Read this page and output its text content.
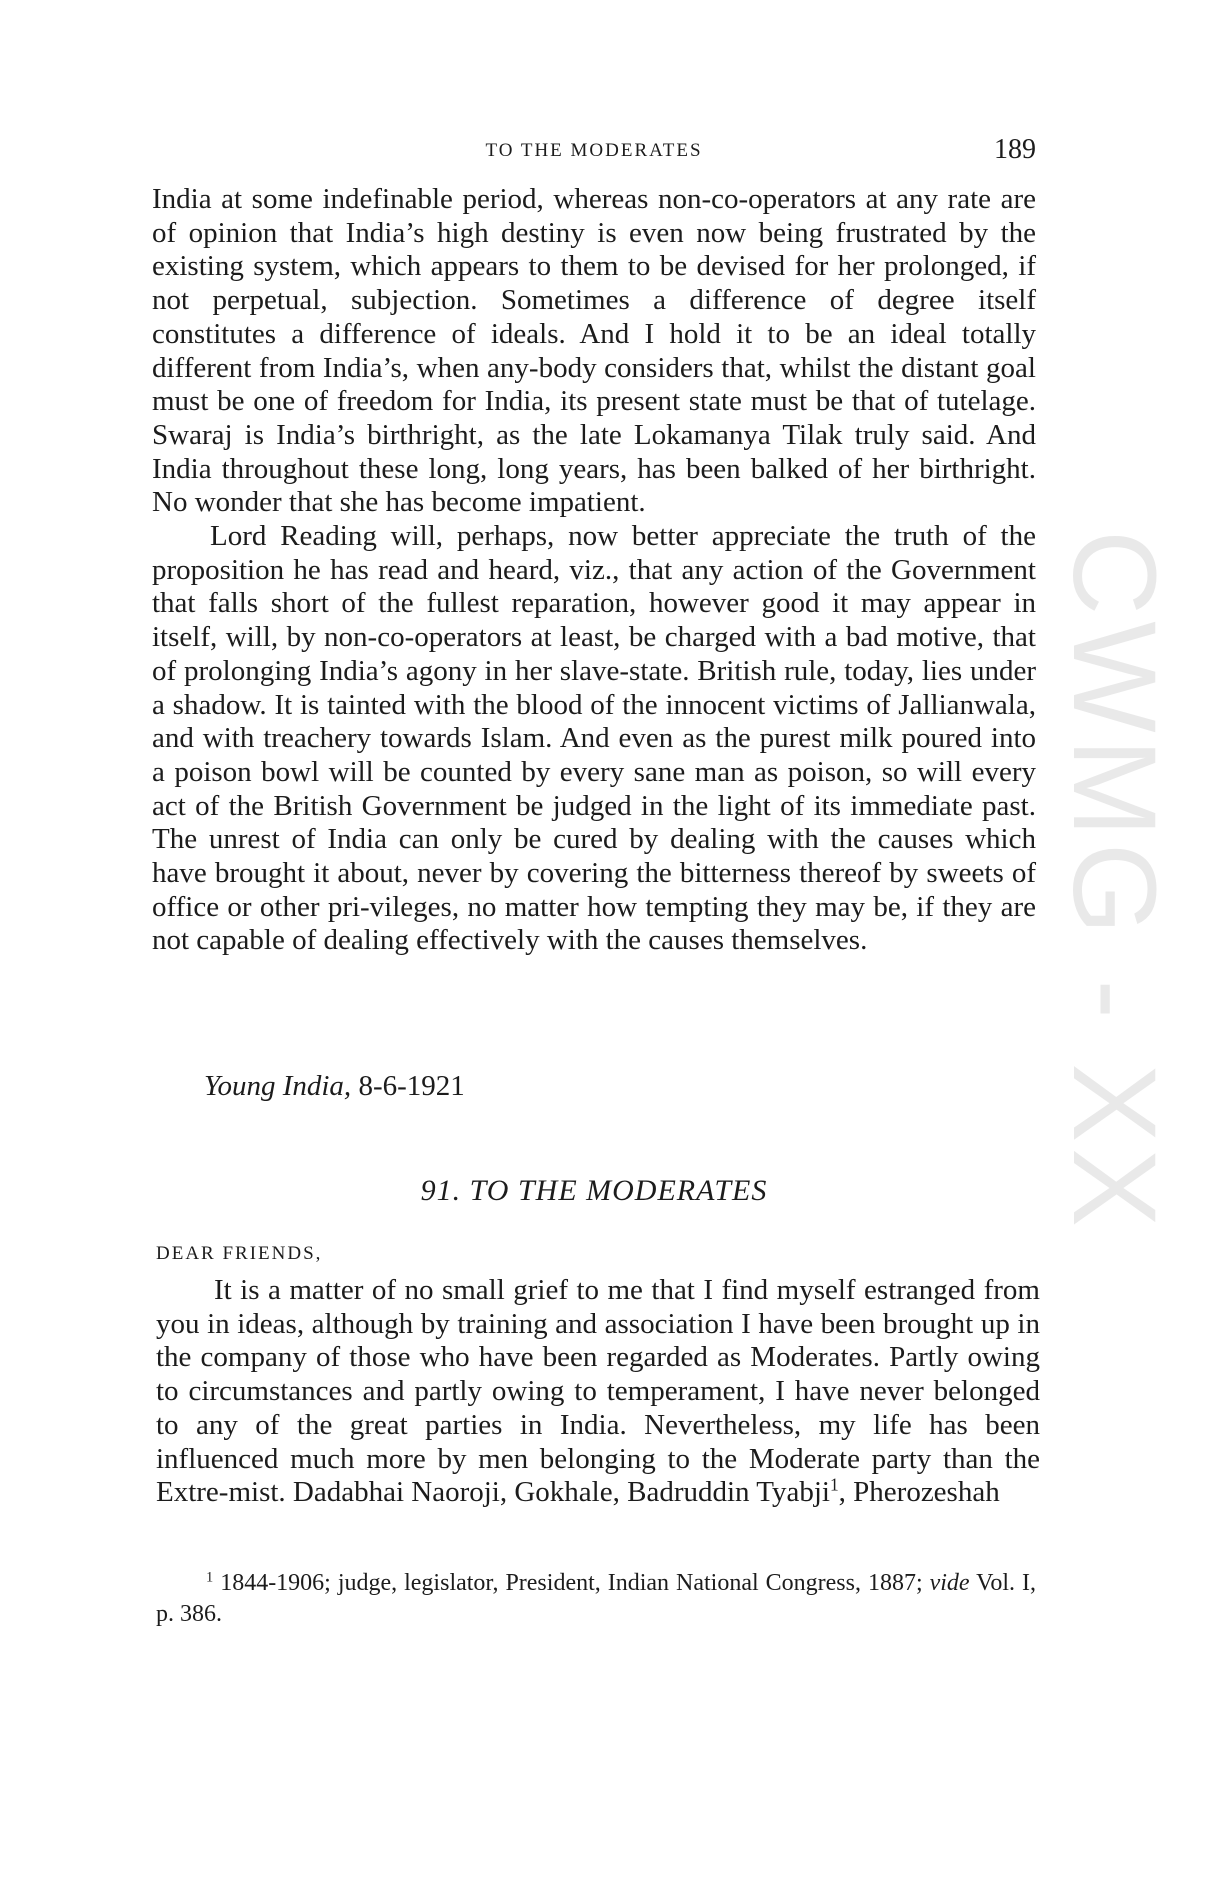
CWMG - XX
TO THE MODERATES	189

India at some indefinable period, whereas non-co-operators at any rate are of opinion that India’s high destiny is even now being frustrated by the existing system, which appears to them to be devised for her prolonged, if not perpetual, subjection. Sometimes a difference of degree itself constitutes a difference of ideals. And I hold it to be an ideal totally different from India’s, when any-body considers that, whilst the distant goal must be one of freedom for India, its present state must be that of tutelage. Swaraj is India’s birthright, as the late Lokamanya Tilak truly said. And India throughout these long, long years, has been balked of her birthright. No wonder that she has become impatient.

Lord Reading will, perhaps, now better appreciate the truth of the proposition he has read and heard, viz., that any action of the Government that falls short of the fullest reparation, however good it may appear in itself, will, by non-co-operators at least, be charged with a bad motive, that of prolonging India’s agony in her slave-state. British rule, today, lies under a shadow. It is tainted with the blood of the innocent victims of Jallianwala, and with treachery towards Islam. And even as the purest milk poured into a poison bowl will be counted by every sane man as poison, so will every act of the British Government be judged in the light of its immediate past. The unrest of India can only be cured by dealing with the causes which have brought it about, never by covering the bitterness thereof by sweets of office or other pri-vileges, no matter how tempting they may be, if they are not capable of dealing effectively with the causes themselves.

Young India, 8-6-1921
91. TO THE MODERATES
DEAR FRIENDS,

It is a matter of no small grief to me that I find myself estranged from you in ideas, although by training and association I have been brought up in the company of those who have been regarded as Moderates. Partly owing to circumstances and partly owing to temperament, I have never belonged to any of the great parties in India. Nevertheless, my life has been influenced much more by men belonging to the Moderate party than the Extre-mist. Dadabhai Naoroji, Gokhale, Badruddin Tyabji$^1$, Pherozeshah

$^1$ 1844-1906; judge, legislator, President, Indian National Congress, 1887; vide Vol. I, p. 386.
